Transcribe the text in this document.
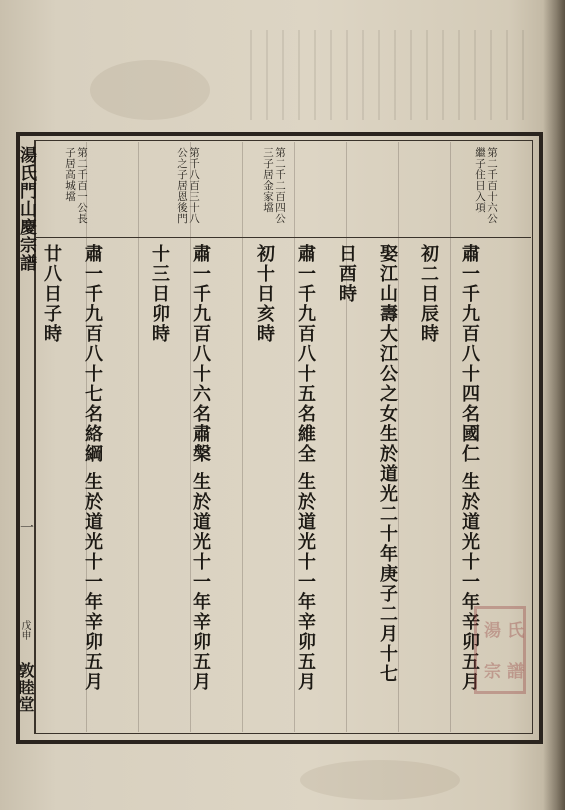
湯氏門山慶宗譜
一
戊申
敦睦堂
第二千百十六公繼子住日入項
第二千二百四公三子居金家壋
第千八百三十八公之子居恩後門
第二千百一公長子居高城壋
肅一千九百八十四名國仁 生於道光十一年辛卯五月
初二日辰時
娶江山壽大江公之女生於道光二十年庚子二月十七
日酉時
肅一千九百八十五名維全 生於道光十一年辛卯五月
初十日亥時
肅一千九百八十六名肅槃 生於道光十一年辛卯五月
十三日卯時
肅一千九百八十七名絡綱 生於道光十一年辛卯五月
廿八日子時
湯 氏
宗 譜
